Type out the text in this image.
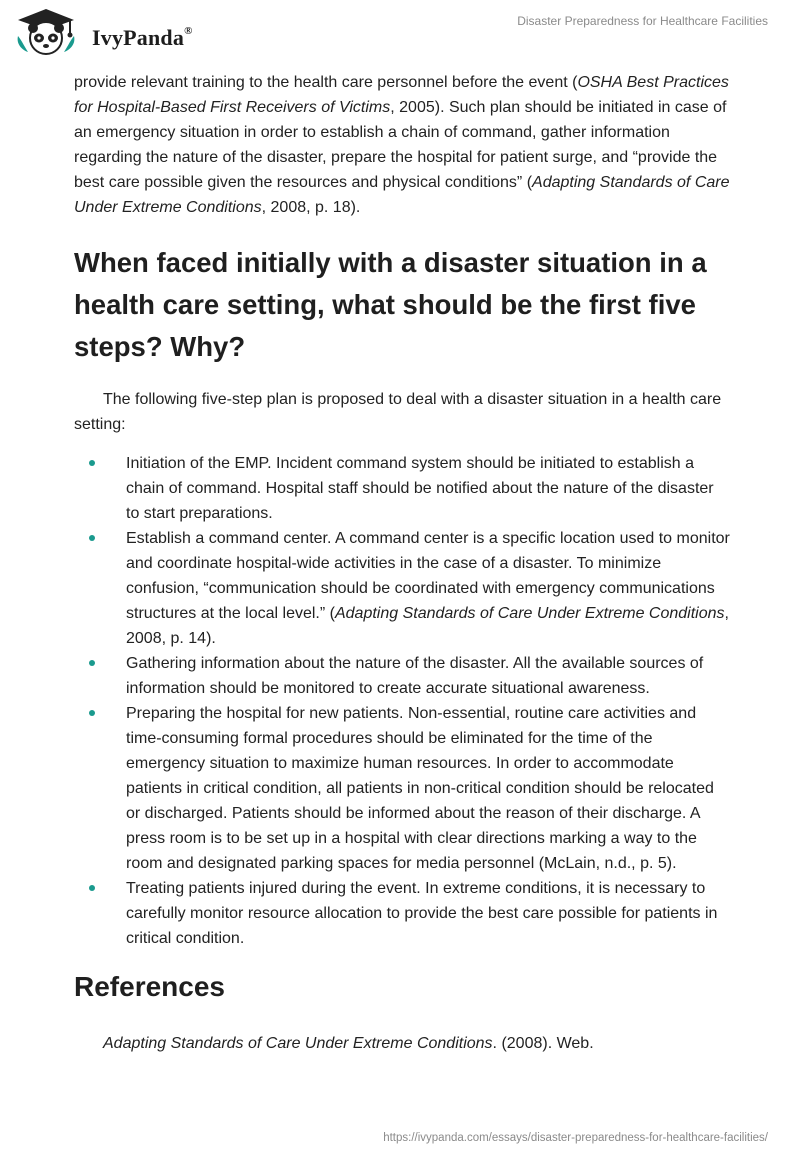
IvyPanda®
Disaster Preparedness for Healthcare Facilities

provide relevant training to the health care personnel before the event (OSHA Best Practices for Hospital-Based First Receivers of Victims, 2005). Such plan should be initiated in case of an emergency situation in order to establish a chain of command, gather information regarding the nature of the disaster, prepare the hospital for patient surge, and “provide the best care possible given the resources and physical conditions” (Adapting Standards of Care Under Extreme Conditions, 2008, p. 18).

When faced initially with a disaster situation in a health care setting, what should be the first five steps? Why?

The following five-step plan is proposed to deal with a disaster situation in a health care setting:

Initiation of the EMP. Incident command system should be initiated to establish a chain of command. Hospital staff should be notified about the nature of the disaster to start preparations.
Establish a command center. A command center is a specific location used to monitor and coordinate hospital-wide activities in the case of a disaster. To minimize confusion, “communication should be coordinated with emergency communications structures at the local level.” (Adapting Standards of Care Under Extreme Conditions, 2008, p. 14).
Gathering information about the nature of the disaster. All the available sources of information should be monitored to create accurate situational awareness.
Preparing the hospital for new patients. Non-essential, routine care activities and time-consuming formal procedures should be eliminated for the time of the emergency situation to maximize human resources. In order to accommodate patients in critical condition, all patients in non-critical condition should be relocated or discharged. Patients should be informed about the reason of their discharge. A press room is to be set up in a hospital with clear directions marking a way to the room and designated parking spaces for media personnel (McLain, n.d., p. 5).
Treating patients injured during the event. In extreme conditions, it is necessary to carefully monitor resource allocation to provide the best care possible for patients in critical condition.
References

Adapting Standards of Care Under Extreme Conditions. (2008). Web.

https://ivypanda.com/essays/disaster-preparedness-for-healthcare-facilities/
